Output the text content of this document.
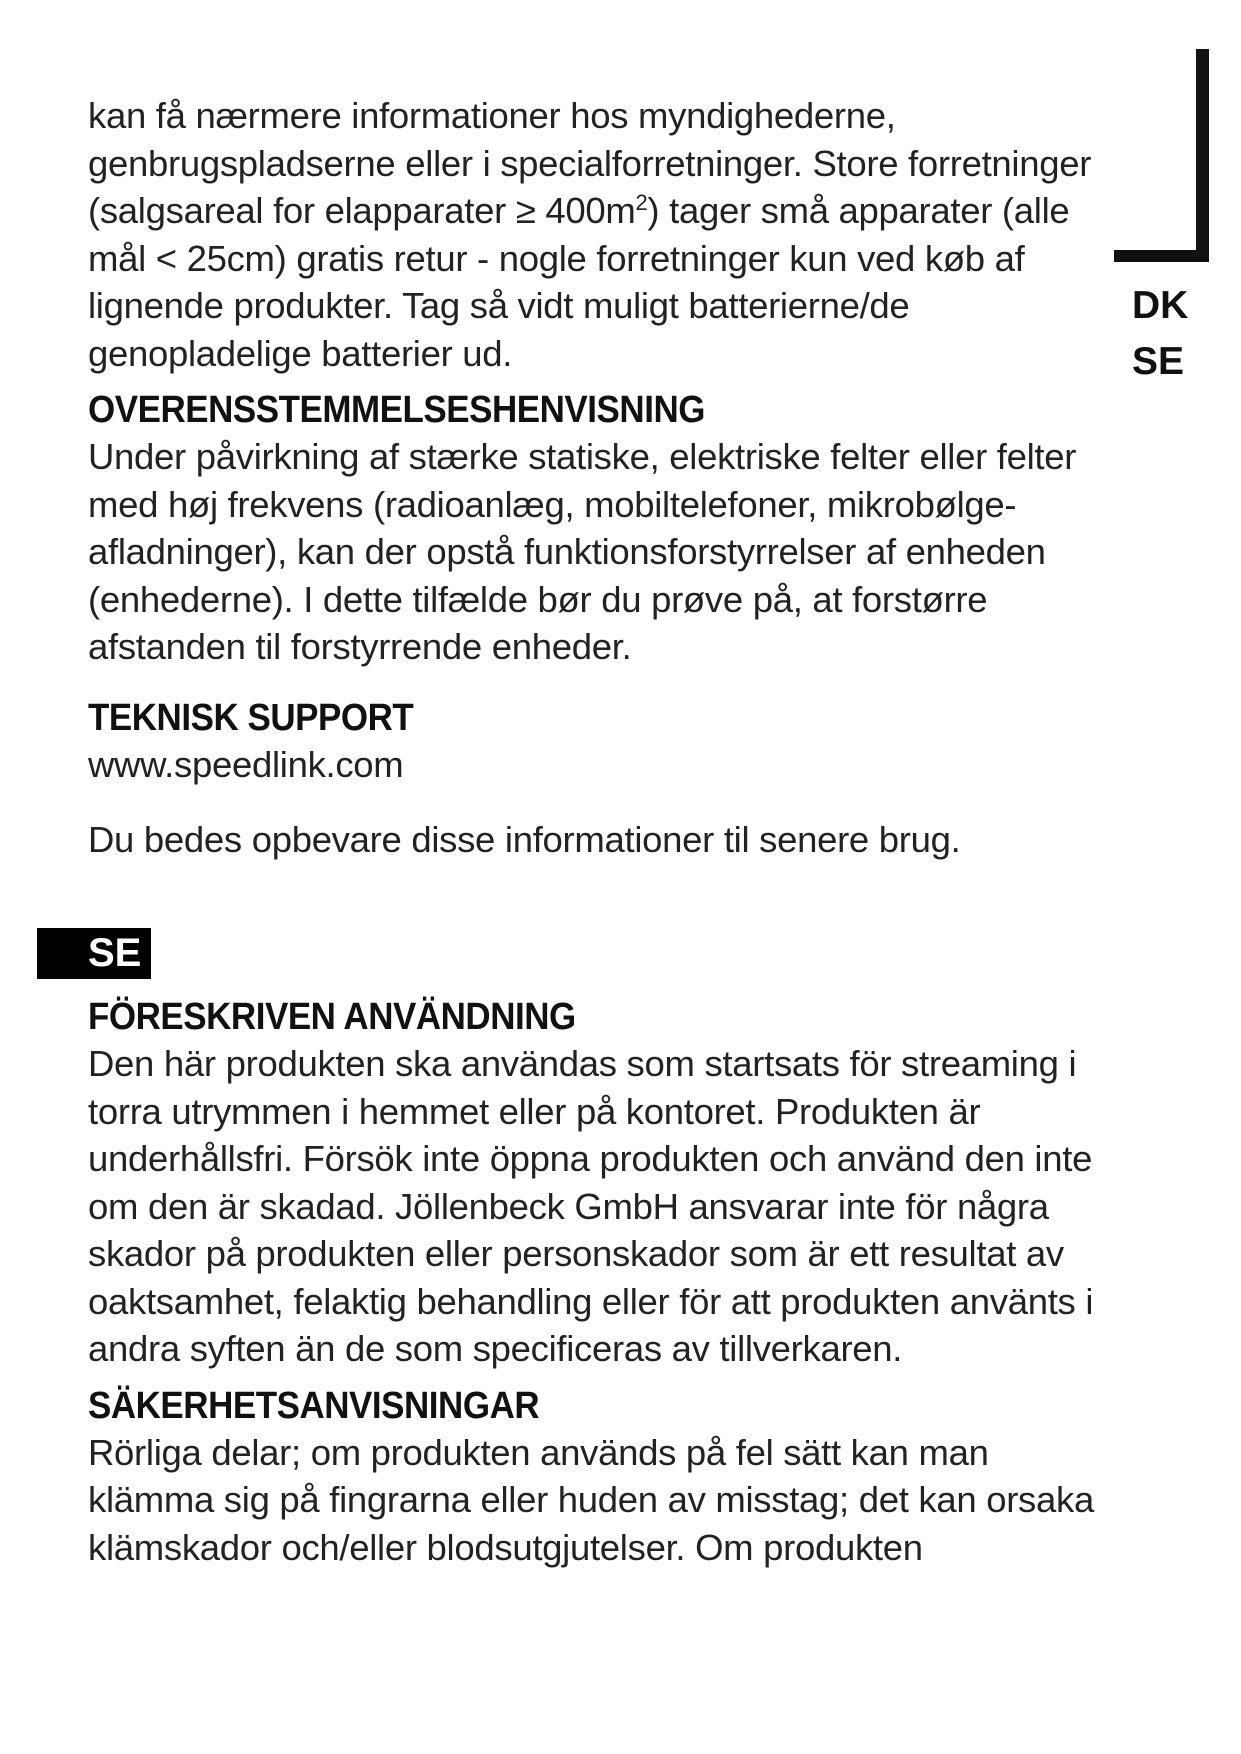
DK
SE

kan få nærmere informationer hos myndighederne, genbrugspladserne eller i specialforretninger. Store forretninger (salgsareal for elapparater ≥ $400m^2$) tager små apparater (alle mål < 25cm) gratis retur - nogle forretninger kun ved køb af lignende produkter. Tag så vidt muligt batterierne/de genopladelige batterier ud.

OVERENSSTEMMELSESHENVISNING

Under påvirkning af stærke statiske, elektriske felter eller felter med høj frekvens (radioanlæg, mobiltelefoner, mikrobølge-afladninger), kan der opstå funktionsforstyrrelser af enheden (enhederne). I dette tilfælde bør du prøve på, at forstørre afstanden til forstyrrende enheder.

TEKNISK SUPPORT

www.speedlink.com

Du bedes opbevare disse informationer til senere brug.

SE
FÖRESKRIVEN ANVÄNDNING

Den här produkten ska användas som startsats för streaming i torra utrymmen i hemmet eller på kontoret. Produkten är underhållsfri. Försök inte öppna produkten och använd den inte om den är skadad. Jöllenbeck GmbH ansvarar inte för några skador på produkten eller personskador som är ett resultat av oaktsamhet, felaktig behandling eller för att produkten använts i andra syften än de som specificeras av tillverkaren.

SÄKERHETSANVISNINGAR

Rörliga delar; om produkten används på fel sätt kan man klämma sig på fingrarna eller huden av misstag; det kan orsaka klämskador och/eller blodsutgjutelser. Om produkten
